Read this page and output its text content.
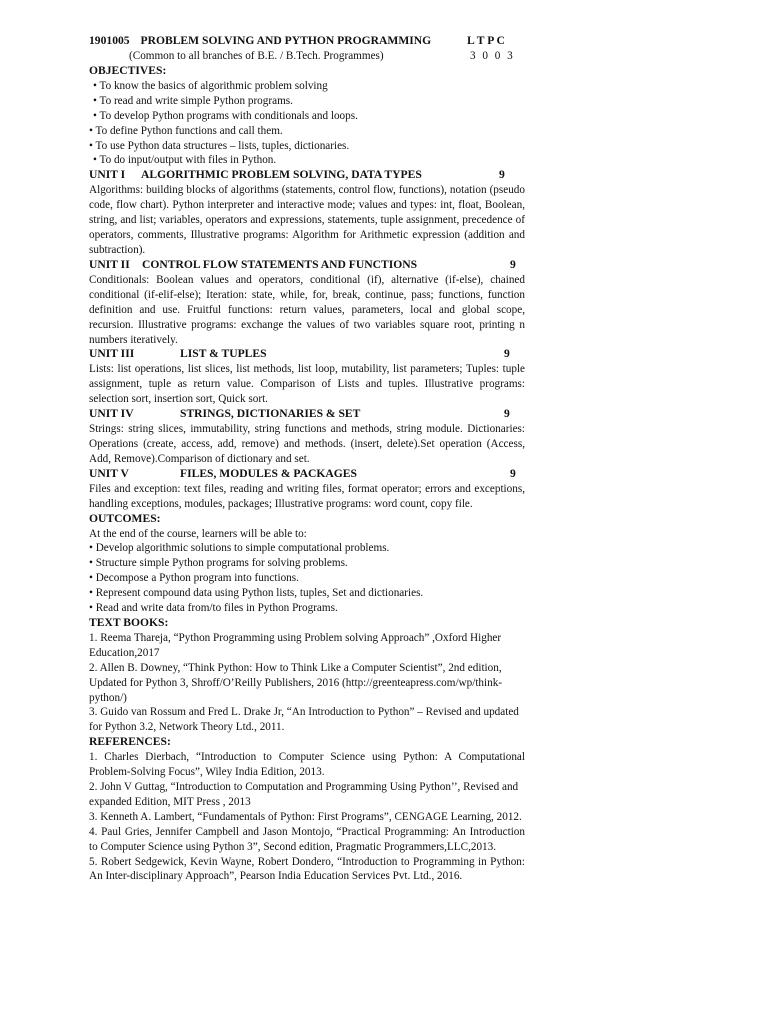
1901005 PROBLEM SOLVING AND PYTHON PROGRAMMING	L T P C
(Common to all branches of B.E. / B.Tech. Programmes)	3 0 0 3
OBJECTIVES:
• To know the basics of algorithmic problem solving
• To read and write simple Python programs.
• To develop Python programs with conditionals and loops.
• To define Python functions and call them.
• To use Python data structures – lists, tuples, dictionaries.
• To do input/output with files in Python.
UNIT I ALGORITHMIC PROBLEM SOLVING, DATA TYPES	9
Algorithms: building blocks of algorithms (statements, control flow, functions), notation (pseudo code, flow chart). Python interpreter and interactive mode; values and types: int, float, Boolean, string, and list; variables, operators and expressions, statements, tuple assignment, precedence of operators, comments, Illustrative programs: Algorithm for Arithmetic expression (addition and subtraction).
UNIT II CONTROL FLOW STATEMENTS AND FUNCTIONS	9
Conditionals: Boolean values and operators, conditional (if), alternative (if-else), chained conditional (if-elif-else); Iteration: state, while, for, break, continue, pass; functions, function definition and use. Fruitful functions: return values, parameters, local and global scope, recursion. Illustrative programs: exchange the values of two variables square root, printing n numbers iteratively.
UNIT III	LIST & TUPLES	9
Lists: list operations, list slices, list methods, list loop, mutability, list parameters; Tuples: tuple assignment, tuple as return value. Comparison of Lists and tuples. Illustrative programs: selection sort, insertion sort, Quick sort.
UNIT IV	STRINGS, DICTIONARIES & SET	9
Strings: string slices, immutability, string functions and methods, string module. Dictionaries: Operations (create, access, add, remove) and methods. (insert, delete).Set operation (Access, Add, Remove).Comparison of dictionary and set.
UNIT V	FILES, MODULES & PACKAGES	9
Files and exception: text files, reading and writing files, format operator; errors and exceptions, handling exceptions, modules, packages; Illustrative programs: word count, copy file.
OUTCOMES:
At the end of the course, learners will be able to:
• Develop algorithmic solutions to simple computational problems.
• Structure simple Python programs for solving problems.
• Decompose a Python program into functions.
• Represent compound data using Python lists, tuples, Set and dictionaries.
• Read and write data from/to files in Python Programs.
TEXT BOOKS:
1. Reema Thareja, “Python Programming using Problem solving Approach” ,Oxford Higher Education,2017
2. Allen B. Downey, “Think Python: How to Think Like a Computer Scientist”, 2nd edition, Updated for Python 3, Shroff/O’Reilly Publishers, 2016 (http://greenteapress.com/wp/think-python/)
3. Guido van Rossum and Fred L. Drake Jr, “An Introduction to Python” – Revised and updated for Python 3.2, Network Theory Ltd., 2011.
REFERENCES:
1. Charles Dierbach, “Introduction to Computer Science using Python: A Computational Problem-Solving Focus”, Wiley India Edition, 2013.
2. John V Guttag, “Introduction to Computation and Programming Using Python’’, Revised and expanded Edition, MIT Press , 2013
3. Kenneth A. Lambert, “Fundamentals of Python: First Programs”, CENGAGE Learning, 2012.
4. Paul Gries, Jennifer Campbell and Jason Montojo, “Practical Programming: An Introduction to Computer Science using Python 3”, Second edition, Pragmatic Programmers,LLC,2013.
5. Robert Sedgewick, Kevin Wayne, Robert Dondero, “Introduction to Programming in Python: An Inter-disciplinary Approach”, Pearson India Education Services Pvt. Ltd., 2016.
